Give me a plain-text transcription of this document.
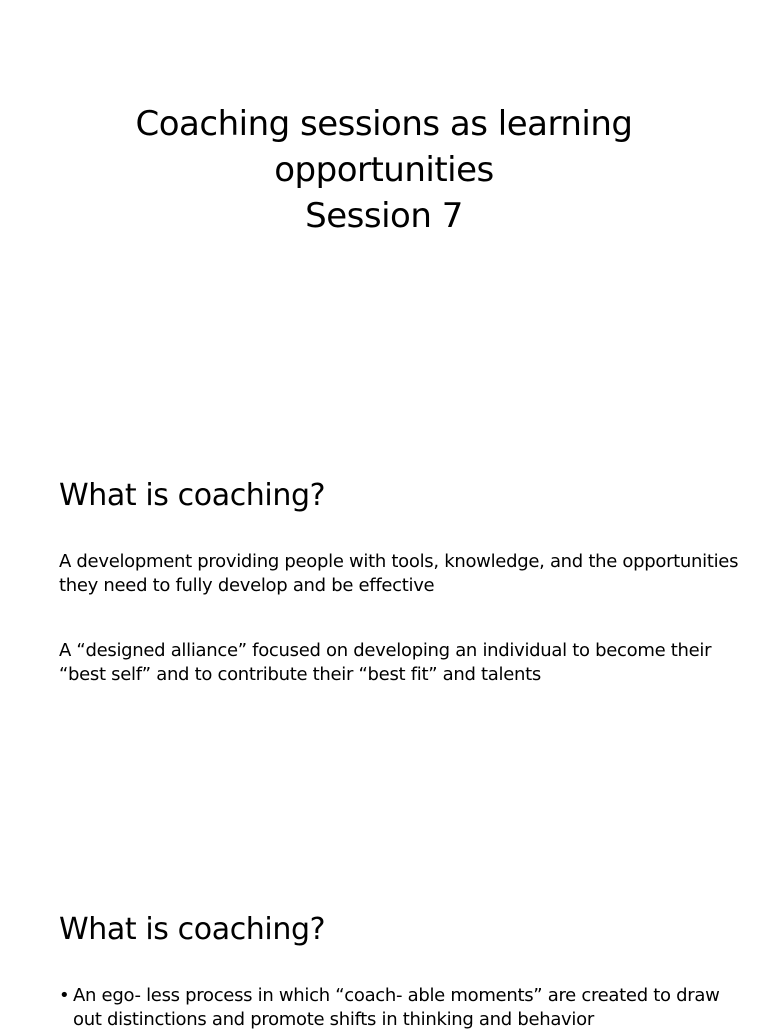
Coaching sessions as learning
opportunities
Session 7
What is coaching?

A development providing people with tools, knowledge, and the opportunities they need to fully develop and be effective

A “designed alliance” focused on developing an individual to become their “best self” and to contribute their “best fit” and talents

What is coaching?
• An ego- less process in which “coach- able moments” are created to draw out distinctions and promote shifts in thinking and behavior
